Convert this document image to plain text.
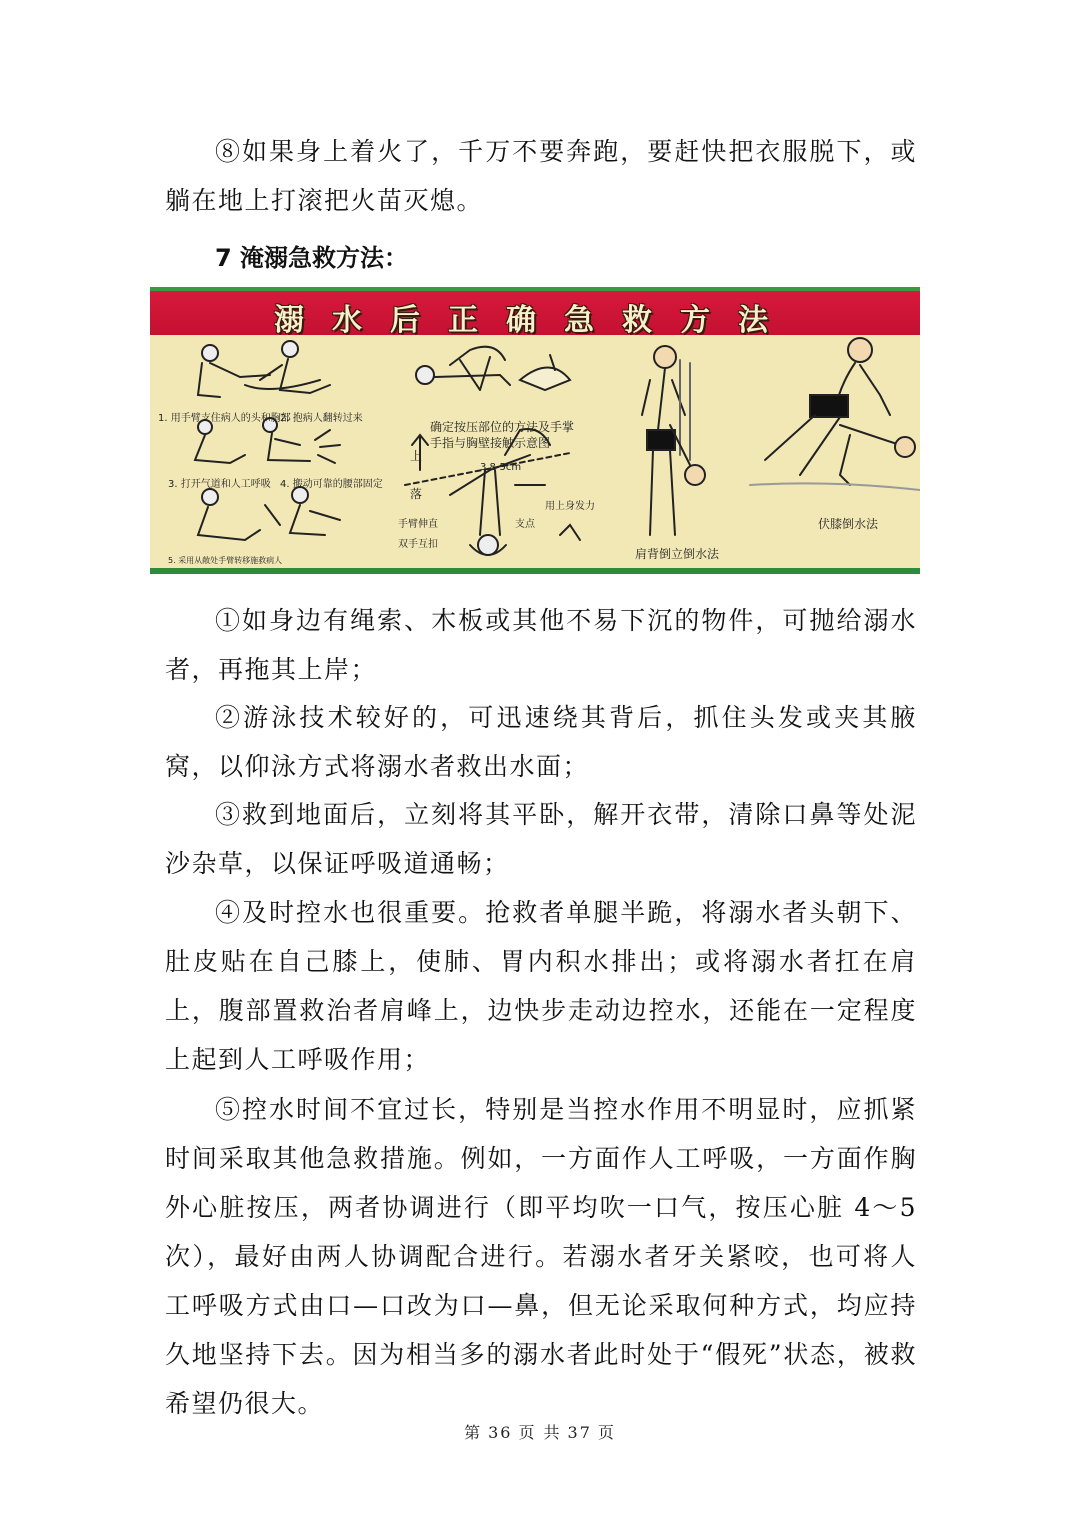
⑧如果身上着火了，千万不要奔跑，要赶快把衣服脱下，或躺在地上打滚把火苗灭熄。

7 淹溺急救方法：

溺水后正确急救方法
1. 用手臂支住病人的头和胸部
2. 抱病人翻转过来
3. 打开气道和人工呼吸 4. 搬动可靠的腰部固定
5. 采用从敞处手臂转移施救病人
确定按压部位的方法及手掌手指与胸壁接触示意图
上
落
3.8-5cm
用上身发力
手臂伸直	支点
双手互扣
肩背倒立倒水法
伏膝倒水法

①如身边有绳索、木板或其他不易下沉的物件，可抛给溺水者，再拖其上岸；

②游泳技术较好的，可迅速绕其背后，抓住头发或夹其腋窝，以仰泳方式将溺水者救出水面；

③救到地面后，立刻将其平卧，解开衣带，清除口鼻等处泥沙杂草，以保证呼吸道通畅；

④及时控水也很重要。抢救者单腿半跪，将溺水者头朝下、肚皮贴在自己膝上，使肺、胃内积水排出；或将溺水者扛在肩上，腹部置救治者肩峰上，边快步走动边控水，还能在一定程度上起到人工呼吸作用；

⑤控水时间不宜过长，特别是当控水作用不明显时，应抓紧时间采取其他急救措施。例如，一方面作人工呼吸，一方面作胸外心脏按压，两者协调进行（即平均吹一口气，按压心脏 4～5 次），最好由两人协调配合进行。若溺水者牙关紧咬，也可将人工呼吸方式由口—口改为口—鼻，但无论采取何种方式，均应持久地坚持下去。因为相当多的溺水者此时处于“假死”状态，被救希望仍很大。

第 36 页 共 37 页
